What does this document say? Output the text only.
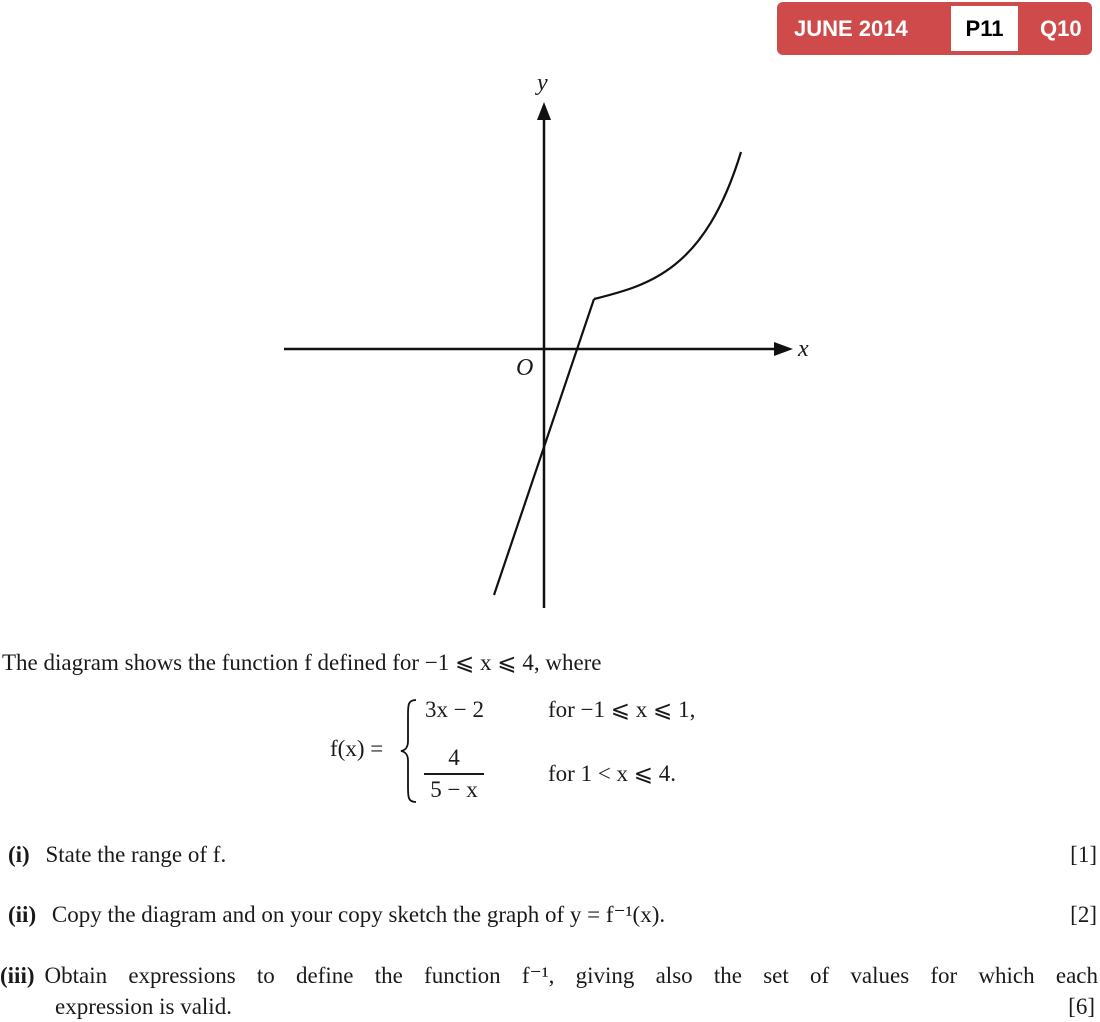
JUNE 2014	P11	Q10
y
x
O
The diagram shows the function f defined for −1 ⩽ x ⩽ 4, where
f(x) =
3x − 2	for −1 ⩽ x ⩽ 1,
4
5 − x
for 1 < x ⩽ 4.
(i) State the range of f.	[1]
(ii) Copy the diagram and on your copy sketch the graph of y = f⁻¹(x).	[2]
(iii) Obtain expressions to define the function f⁻¹, giving also the set of values for which each
expression is valid.	[6]
